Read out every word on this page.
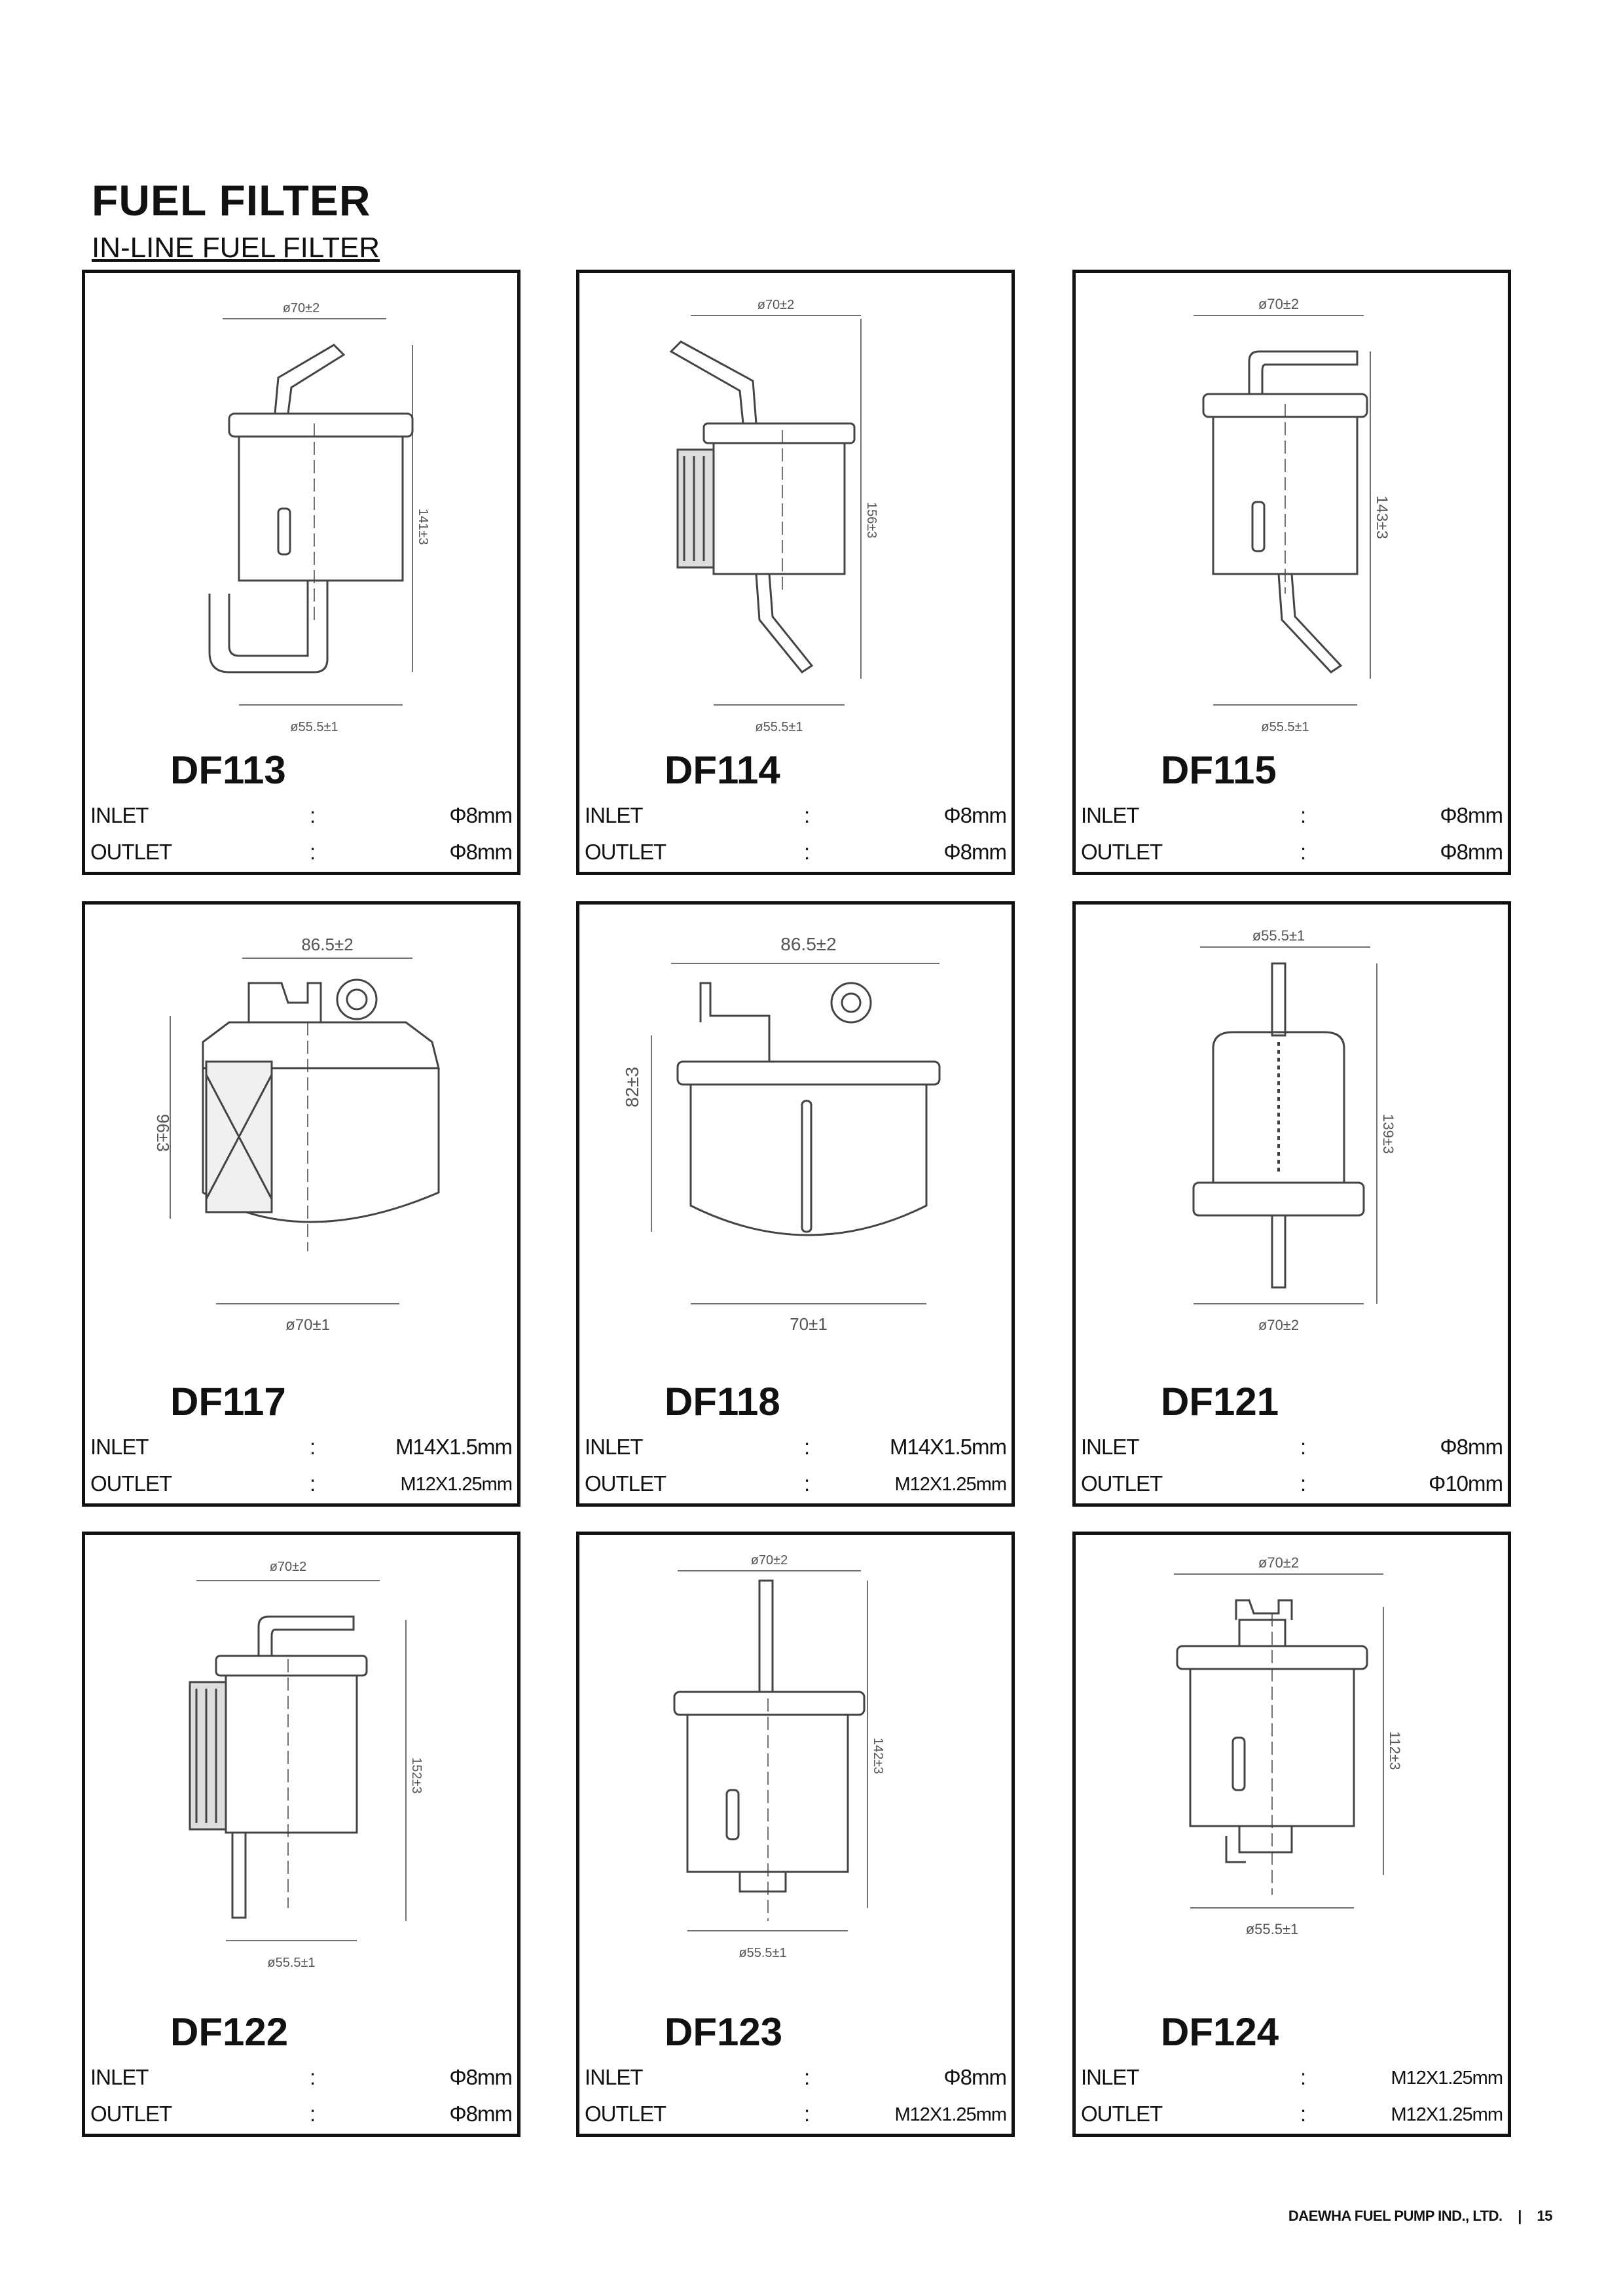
FUEL FILTER
IN-LINE FUEL FILTER
ø70±2
141±3
ø55.5±1
DF113
INLET	:	Φ8mm
OUTLET	:	Φ8mm
ø70±2
156±3
ø55.5±1
DF114
INLET	:	Φ8mm
OUTLET	:	Φ8mm
ø70±2
143±3
ø55.5±1
DF115
INLET	:	Φ8mm
OUTLET	:	Φ8mm
86.5±2
96±3
ø70±1
DF117
INLET	:	M14X1.5mm
OUTLET	:	M12X1.25mm
86.5±2
82±3
70±1
DF118
INLET	:	M14X1.5mm
OUTLET	:	M12X1.25mm
ø55.5±1
139±3
ø70±2
DF121
INLET	:	Φ8mm
OUTLET	:	Φ10mm
ø70±2
152±3
ø55.5±1
DF122
INLET	:	Φ8mm
OUTLET	:	Φ8mm
ø70±2
142±3
ø55.5±1
DF123
INLET	:	Φ8mm
OUTLET	:	M12X1.25mm
ø70±2
112±3
ø55.5±1
DF124
INLET	:	M12X1.25mm
OUTLET	:	M12X1.25mm
DAEWHA FUEL PUMP IND., LTD. | 15
